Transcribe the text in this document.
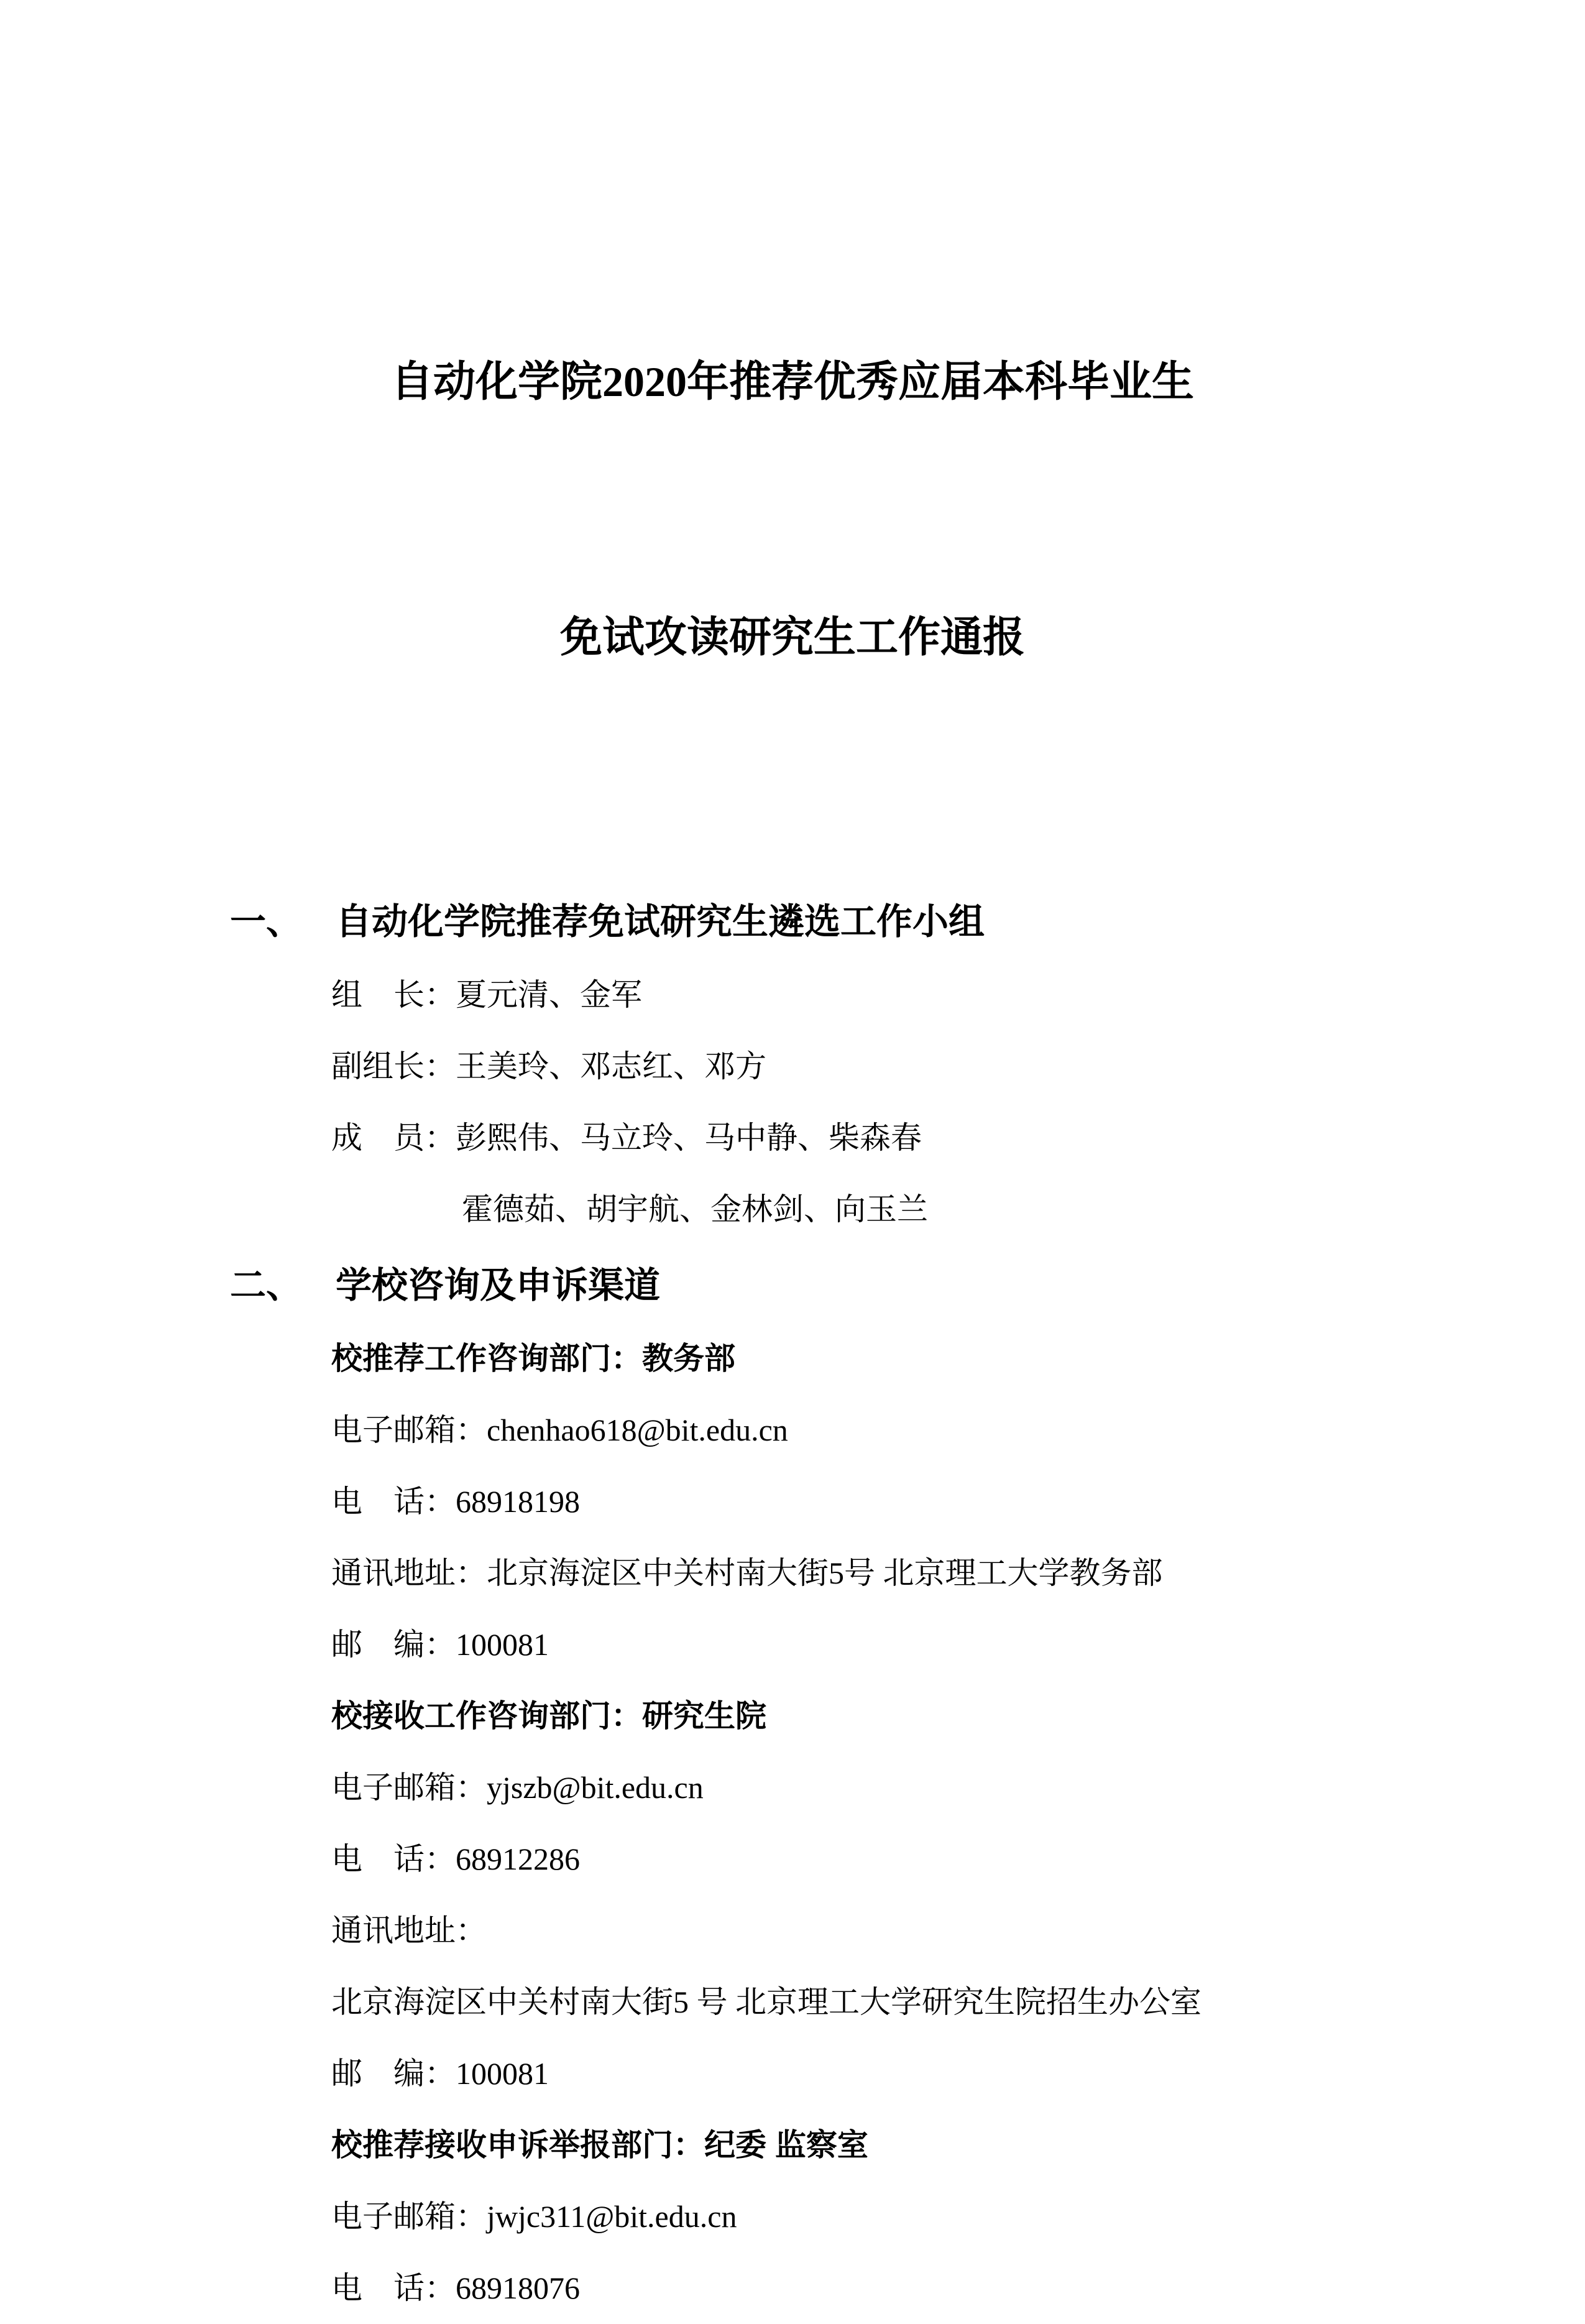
自动化学院2020年推荐优秀应届本科毕业生

免试攻读研究生工作通报

一、 自动化学院推荐免试研究生遴选工作小组
组　长：夏元清、金军
副组长：王美玲、邓志红、邓方
成　员：彭熙伟、马立玲、马中静、柴森春
霍德茹、胡宇航、金林剑、向玉兰
二、 学校咨询及申诉渠道
校推荐工作咨询部门：教务部
电子邮箱：chenhao618@bit.edu.cn
电　话：68918198
通讯地址：北京海淀区中关村南大街5号 北京理工大学教务部
邮　编：100081
校接收工作咨询部门：研究生院
电子邮箱：yjszb@bit.edu.cn
电　话：68912286
通讯地址：
北京海淀区中关村南大街5 号 北京理工大学研究生院招生办公室
邮　编：100081
校推荐接收申诉举报部门：纪委 监察室
电子邮箱：jwjc311@bit.edu.cn
电　话：68918076
